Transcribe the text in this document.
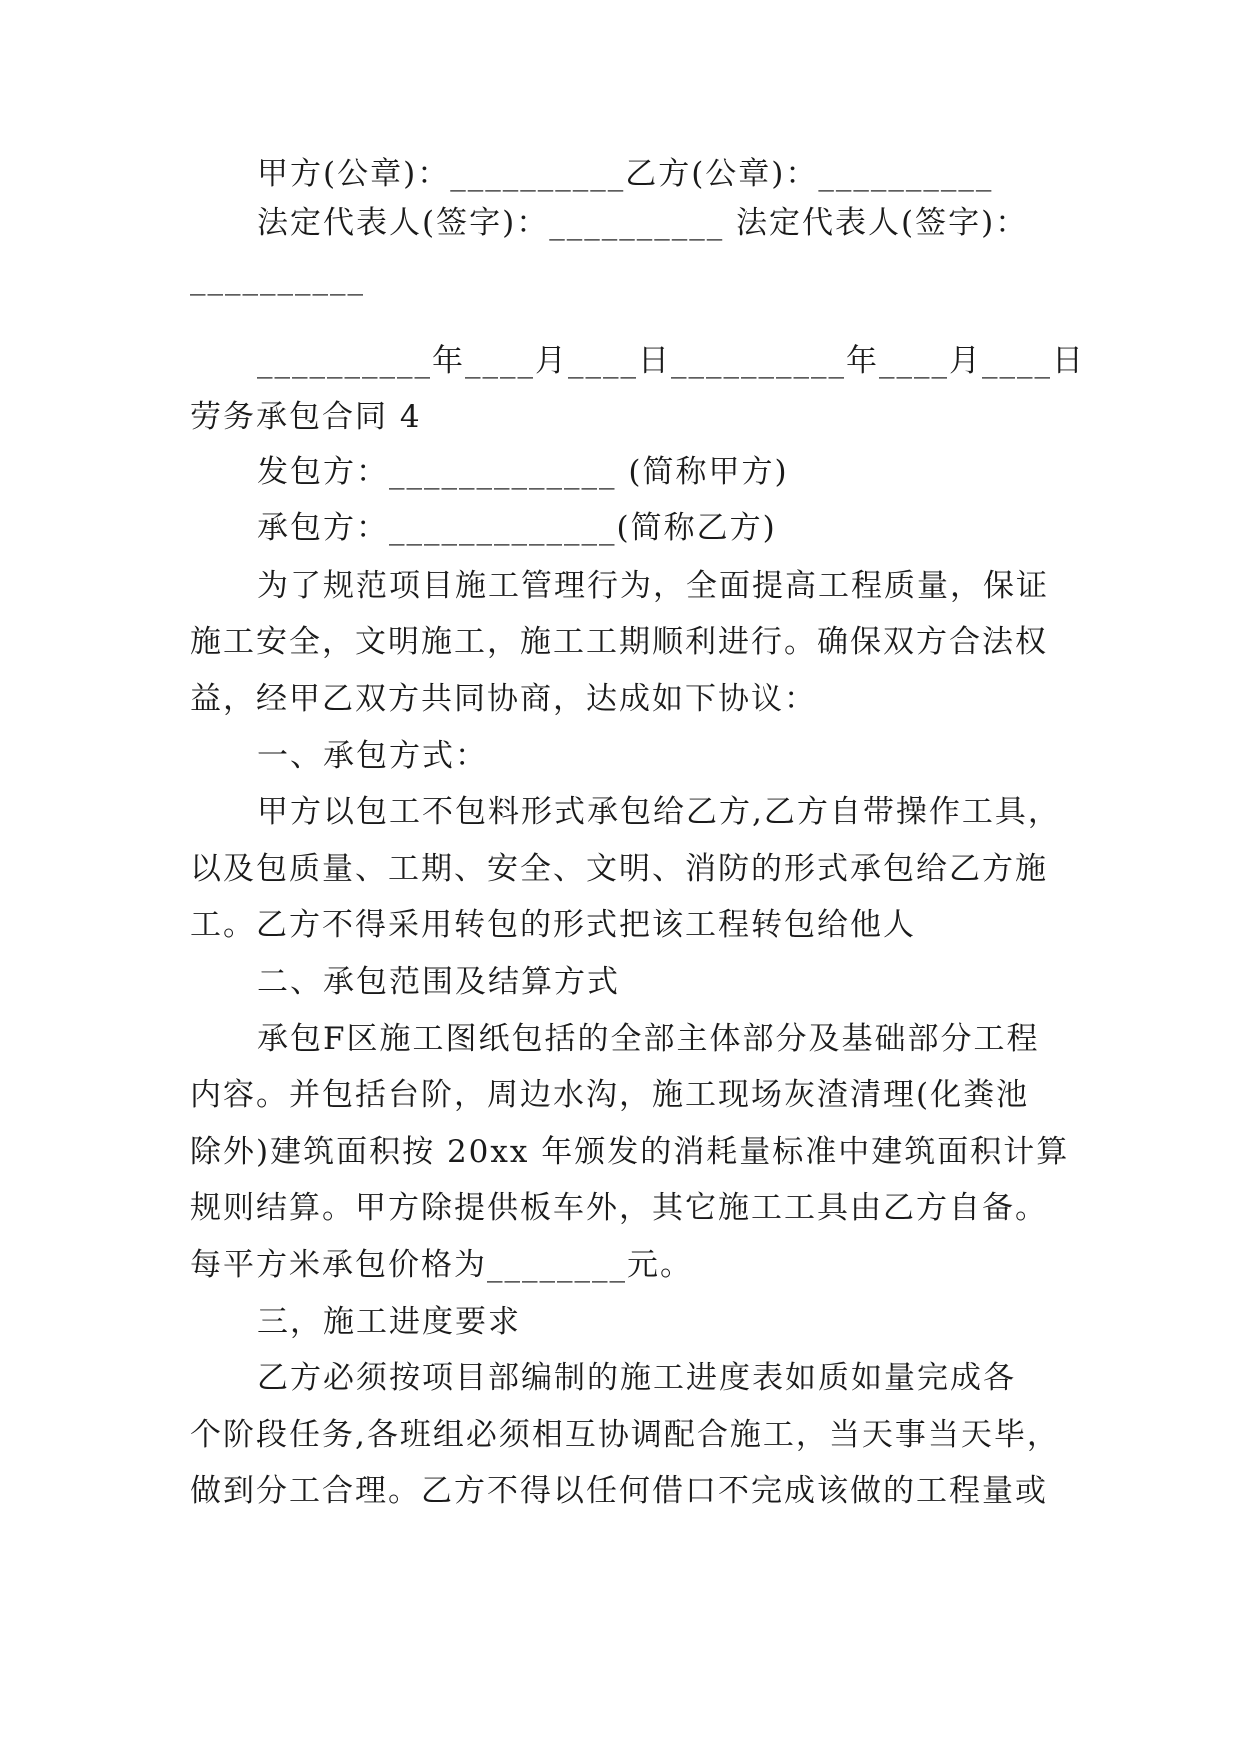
甲方(公章)：__________乙方(公章)：__________
法定代表人(签字)：__________ 法定代表人(签字)：
__________
__________年____月____日__________年____月____日
劳务承包合同 4
发包方：_____________ (简称甲方)
承包方：_____________(简称乙方)
为了规范项目施工管理行为，全面提高工程质量，保证
施工安全，文明施工，施工工期顺利进行。确保双方合法权
益，经甲乙双方共同协商，达成如下协议：
一、承包方式：
甲方以包工不包料形式承包给乙方,乙方自带操作工具，
以及包质量、工期、安全、文明、消防的形式承包给乙方施
工。乙方不得采用转包的形式把该工程转包给他人
二、承包范围及结算方式
承包F区施工图纸包括的全部主体部分及基础部分工程
内容。并包括台阶，周边水沟，施工现场灰渣清理(化粪池
除外)建筑面积按 20xx 年颁发的消耗量标准中建筑面积计算
规则结算。甲方除提供板车外，其它施工工具由乙方自备。
每平方米承包价格为________元。
三，施工进度要求
乙方必须按项目部编制的施工进度表如质如量完成各
个阶段任务,各班组必须相互协调配合施工，当天事当天毕，
做到分工合理。乙方不得以任何借口不完成该做的工程量或
